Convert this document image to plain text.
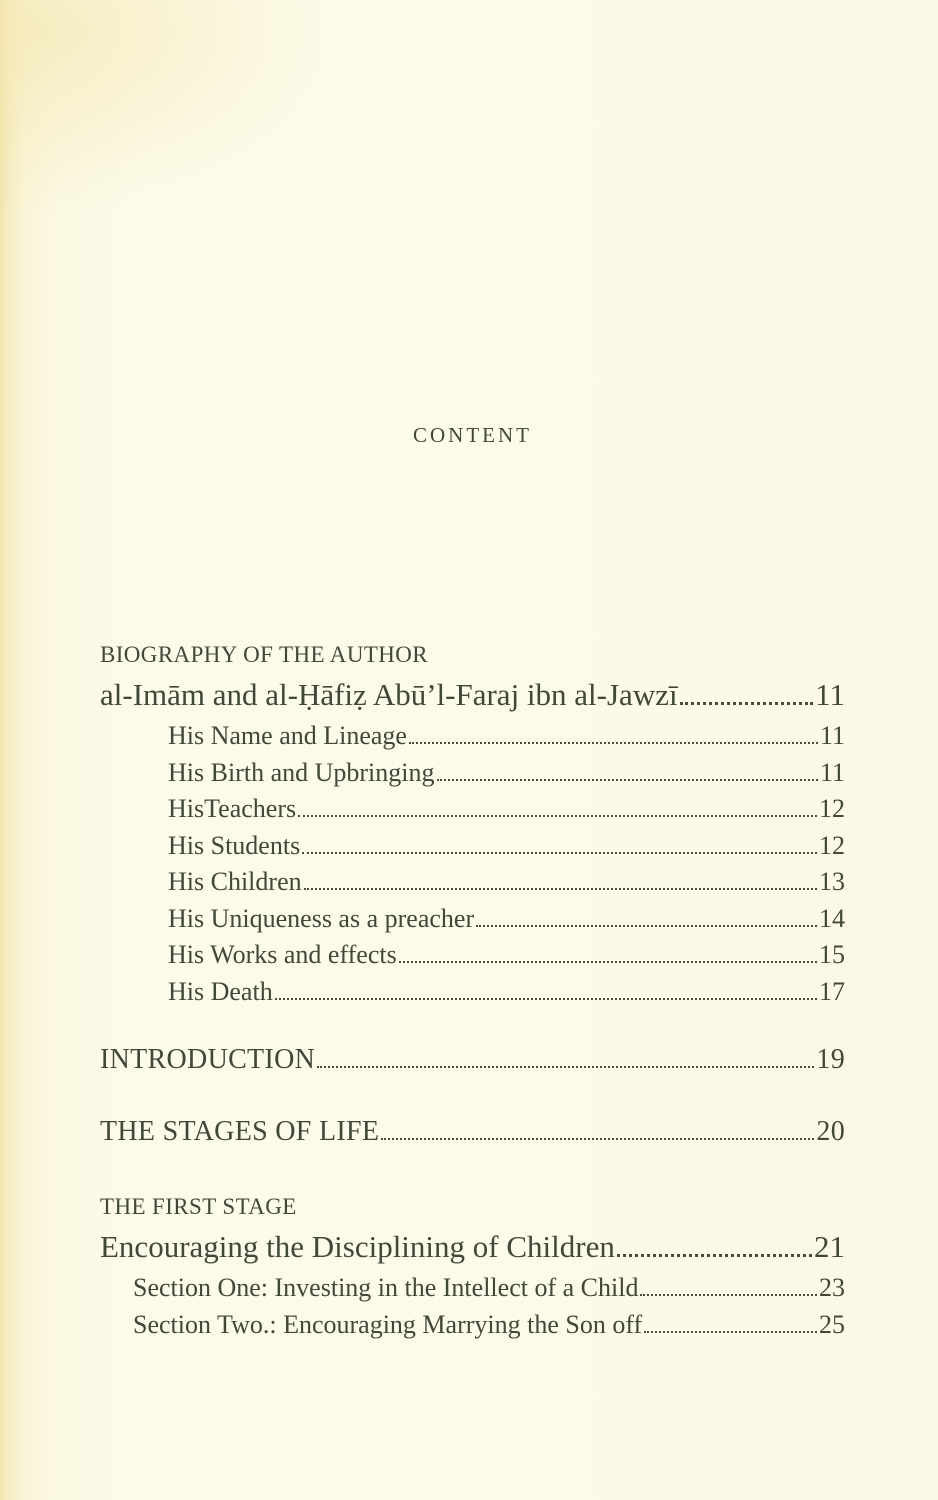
CONTENT
BIOGRAPHY OF THE AUTHOR
al-Imām and al-Ḥāfiẓ Abū’l-Faraj ibn al-Jawzī	11
His Name and Lineage	11
His Birth and Upbringing	11
HisTeachers	12
His Students	12
His Children	13
His Uniqueness as a preacher	14
His Works and effects	15
His Death	17
INTRODUCTION	19
THE STAGES OF LIFE	20
THE FIRST STAGE
Encouraging the Disciplining of Children	21
Section One: Investing in the Intellect of a Child	23
Section Two.: Encouraging Marrying the Son off	25
